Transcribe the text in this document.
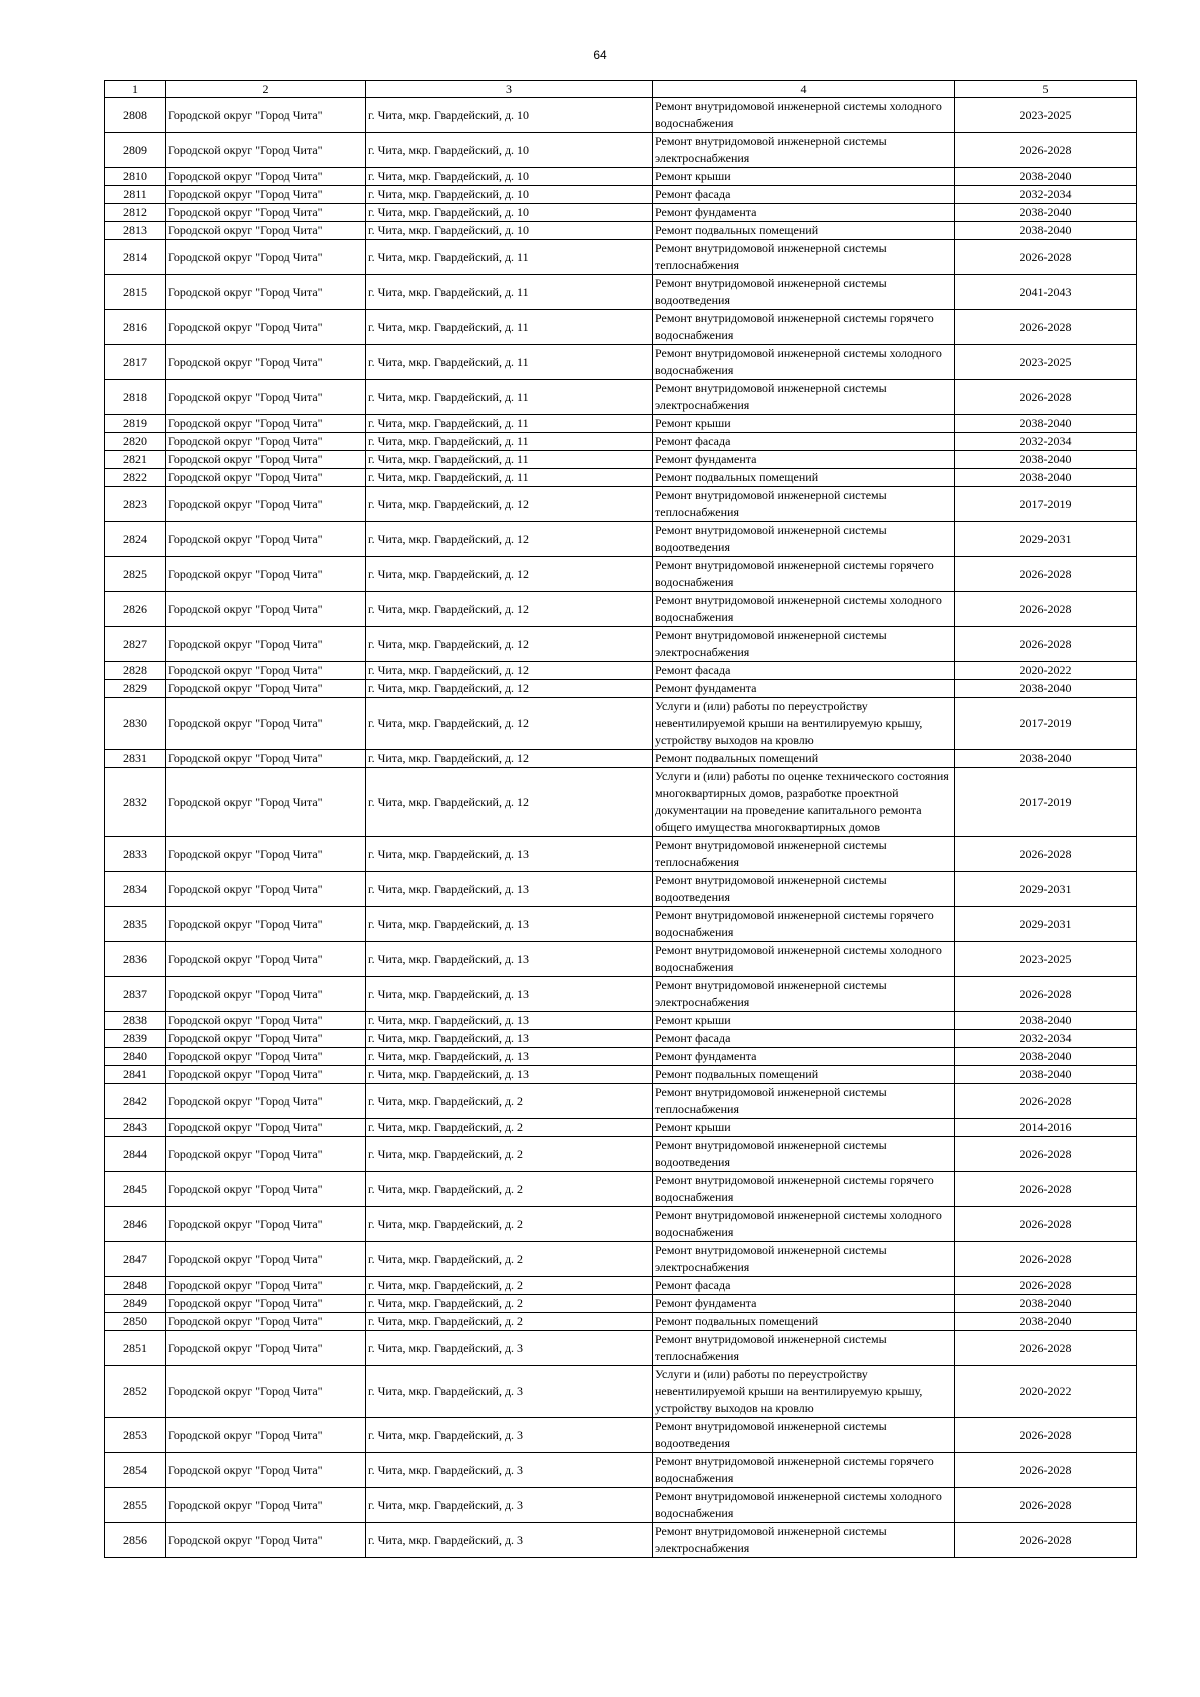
64
1	2	3	4	5
2808	Городской округ "Город Чита"	г. Чита, мкр. Гвардейский, д. 10	Ремонт внутридомовой инженерной системы холодного водоснабжения	2023-2025
2809	Городской округ "Город Чита"	г. Чита, мкр. Гвардейский, д. 10	Ремонт внутридомовой инженерной системы электроснабжения	2026-2028
2810	Городской округ "Город Чита"	г. Чита, мкр. Гвардейский, д. 10	Ремонт крыши	2038-2040
2811	Городской округ "Город Чита"	г. Чита, мкр. Гвардейский, д. 10	Ремонт фасада	2032-2034
2812	Городской округ "Город Чита"	г. Чита, мкр. Гвардейский, д. 10	Ремонт фундамента	2038-2040
2813	Городской округ "Город Чита"	г. Чита, мкр. Гвардейский, д. 10	Ремонт подвальных помещений	2038-2040
2814	Городской округ "Город Чита"	г. Чита, мкр. Гвардейский, д. 11	Ремонт внутридомовой инженерной системы теплоснабжения	2026-2028
2815	Городской округ "Город Чита"	г. Чита, мкр. Гвардейский, д. 11	Ремонт внутридомовой инженерной системы водоотведения	2041-2043
2816	Городской округ "Город Чита"	г. Чита, мкр. Гвардейский, д. 11	Ремонт внутридомовой инженерной системы горячего водоснабжения	2026-2028
2817	Городской округ "Город Чита"	г. Чита, мкр. Гвардейский, д. 11	Ремонт внутридомовой инженерной системы холодного водоснабжения	2023-2025
2818	Городской округ "Город Чита"	г. Чита, мкр. Гвардейский, д. 11	Ремонт внутридомовой инженерной системы электроснабжения	2026-2028
2819	Городской округ "Город Чита"	г. Чита, мкр. Гвардейский, д. 11	Ремонт крыши	2038-2040
2820	Городской округ "Город Чита"	г. Чита, мкр. Гвардейский, д. 11	Ремонт фасада	2032-2034
2821	Городской округ "Город Чита"	г. Чита, мкр. Гвардейский, д. 11	Ремонт фундамента	2038-2040
2822	Городской округ "Город Чита"	г. Чита, мкр. Гвардейский, д. 11	Ремонт подвальных помещений	2038-2040
2823	Городской округ "Город Чита"	г. Чита, мкр. Гвардейский, д. 12	Ремонт внутридомовой инженерной системы теплоснабжения	2017-2019
2824	Городской округ "Город Чита"	г. Чита, мкр. Гвардейский, д. 12	Ремонт внутридомовой инженерной системы водоотведения	2029-2031
2825	Городской округ "Город Чита"	г. Чита, мкр. Гвардейский, д. 12	Ремонт внутридомовой инженерной системы горячего водоснабжения	2026-2028
2826	Городской округ "Город Чита"	г. Чита, мкр. Гвардейский, д. 12	Ремонт внутридомовой инженерной системы холодного водоснабжения	2026-2028
2827	Городской округ "Город Чита"	г. Чита, мкр. Гвардейский, д. 12	Ремонт внутридомовой инженерной системы электроснабжения	2026-2028
2828	Городской округ "Город Чита"	г. Чита, мкр. Гвардейский, д. 12	Ремонт фасада	2020-2022
2829	Городской округ "Город Чита"	г. Чита, мкр. Гвардейский, д. 12	Ремонт фундамента	2038-2040
2830	Городской округ "Город Чита"	г. Чита, мкр. Гвардейский, д. 12	Услуги и (или) работы по переустройству невентилируемой крыши на вентилируемую крышу, устройству выходов на кровлю	2017-2019
2831	Городской округ "Город Чита"	г. Чита, мкр. Гвардейский, д. 12	Ремонт подвальных помещений	2038-2040
2832	Городской округ "Город Чита"	г. Чита, мкр. Гвардейский, д. 12	Услуги и (или) работы по оценке технического состояния многоквартирных домов, разработке проектной документации на проведение капитального ремонта общего имущества многоквартирных домов	2017-2019
2833	Городской округ "Город Чита"	г. Чита, мкр. Гвардейский, д. 13	Ремонт внутридомовой инженерной системы теплоснабжения	2026-2028
2834	Городской округ "Город Чита"	г. Чита, мкр. Гвардейский, д. 13	Ремонт внутридомовой инженерной системы водоотведения	2029-2031
2835	Городской округ "Город Чита"	г. Чита, мкр. Гвардейский, д. 13	Ремонт внутридомовой инженерной системы горячего водоснабжения	2029-2031
2836	Городской округ "Город Чита"	г. Чита, мкр. Гвардейский, д. 13	Ремонт внутридомовой инженерной системы холодного водоснабжения	2023-2025
2837	Городской округ "Город Чита"	г. Чита, мкр. Гвардейский, д. 13	Ремонт внутридомовой инженерной системы электроснабжения	2026-2028
2838	Городской округ "Город Чита"	г. Чита, мкр. Гвардейский, д. 13	Ремонт крыши	2038-2040
2839	Городской округ "Город Чита"	г. Чита, мкр. Гвардейский, д. 13	Ремонт фасада	2032-2034
2840	Городской округ "Город Чита"	г. Чита, мкр. Гвардейский, д. 13	Ремонт фундамента	2038-2040
2841	Городской округ "Город Чита"	г. Чита, мкр. Гвардейский, д. 13	Ремонт подвальных помещений	2038-2040
2842	Городской округ "Город Чита"	г. Чита, мкр. Гвардейский, д. 2	Ремонт внутридомовой инженерной системы теплоснабжения	2026-2028
2843	Городской округ "Город Чита"	г. Чита, мкр. Гвардейский, д. 2	Ремонт крыши	2014-2016
2844	Городской округ "Город Чита"	г. Чита, мкр. Гвардейский, д. 2	Ремонт внутридомовой инженерной системы водоотведения	2026-2028
2845	Городской округ "Город Чита"	г. Чита, мкр. Гвардейский, д. 2	Ремонт внутридомовой инженерной системы горячего водоснабжения	2026-2028
2846	Городской округ "Город Чита"	г. Чита, мкр. Гвардейский, д. 2	Ремонт внутридомовой инженерной системы холодного водоснабжения	2026-2028
2847	Городской округ "Город Чита"	г. Чита, мкр. Гвардейский, д. 2	Ремонт внутридомовой инженерной системы электроснабжения	2026-2028
2848	Городской округ "Город Чита"	г. Чита, мкр. Гвардейский, д. 2	Ремонт фасада	2026-2028
2849	Городской округ "Город Чита"	г. Чита, мкр. Гвардейский, д. 2	Ремонт фундамента	2038-2040
2850	Городской округ "Город Чита"	г. Чита, мкр. Гвардейский, д. 2	Ремонт подвальных помещений	2038-2040
2851	Городской округ "Город Чита"	г. Чита, мкр. Гвардейский, д. 3	Ремонт внутридомовой инженерной системы теплоснабжения	2026-2028
2852	Городской округ "Город Чита"	г. Чита, мкр. Гвардейский, д. 3	Услуги и (или) работы по переустройству невентилируемой крыши на вентилируемую крышу, устройству выходов на кровлю	2020-2022
2853	Городской округ "Город Чита"	г. Чита, мкр. Гвардейский, д. 3	Ремонт внутридомовой инженерной системы водоотведения	2026-2028
2854	Городской округ "Город Чита"	г. Чита, мкр. Гвардейский, д. 3	Ремонт внутридомовой инженерной системы горячего водоснабжения	2026-2028
2855	Городской округ "Город Чита"	г. Чита, мкр. Гвардейский, д. 3	Ремонт внутридомовой инженерной системы холодного водоснабжения	2026-2028
2856	Городской округ "Город Чита"	г. Чита, мкр. Гвардейский, д. 3	Ремонт внутридомовой инженерной системы электроснабжения	2026-2028
